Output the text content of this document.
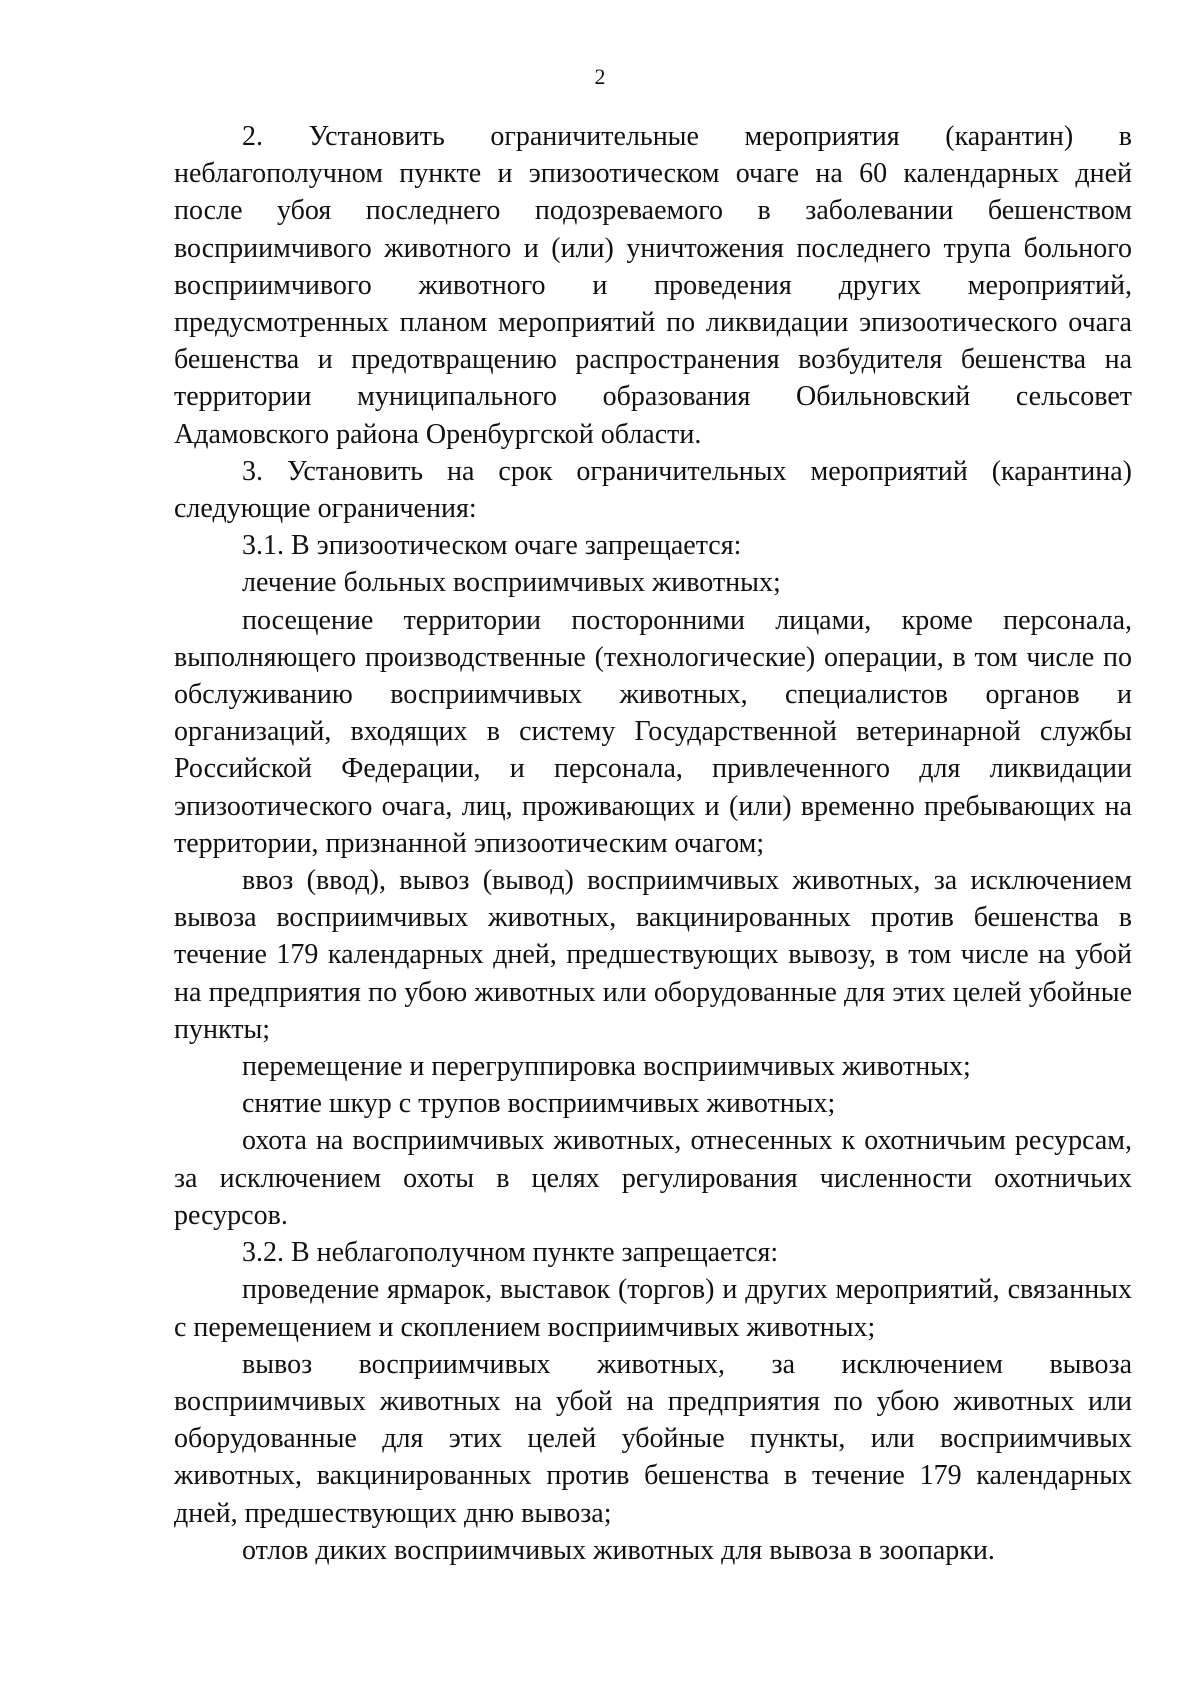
2

2. Установить ограничительные мероприятия (карантин) в неблагополучном пункте и эпизоотическом очаге на 60 календарных дней после убоя последнего подозреваемого в заболевании бешенством восприимчивого животного и (или) уничтожения последнего трупа больного восприимчивого животного и проведения других мероприятий, предусмотренных планом мероприятий по ликвидации эпизоотического очага бешенства и предотвращению распространения возбудителя бешенства на территории муниципального образования Обильновский сельсовет Адамовского района Оренбургской области.

3. Установить на срок ограничительных мероприятий (карантина) следующие ограничения:

3.1. В эпизоотическом очаге запрещается:

лечение больных восприимчивых животных;

посещение территории посторонними лицами, кроме персонала, выполняющего производственные (технологические) операции, в том числе по обслуживанию восприимчивых животных, специалистов органов и организаций, входящих в систему Государственной ветеринарной службы Российской Федерации, и персонала, привлеченного для ликвидации эпизоотического очага, лиц, проживающих и (или) временно пребывающих на территории, признанной эпизоотическим очагом;

ввоз (ввод), вывоз (вывод) восприимчивых животных, за исключением вывоза восприимчивых животных, вакцинированных против бешенства в течение 179 календарных дней, предшествующих вывозу, в том числе на убой на предприятия по убою животных или оборудованные для этих целей убойные пункты;

перемещение и перегруппировка восприимчивых животных;

снятие шкур с трупов восприимчивых животных;

охота на восприимчивых животных, отнесенных к охотничьим ресурсам, за исключением охоты в целях регулирования численности охотничьих ресурсов.

3.2. В неблагополучном пункте запрещается:

проведение ярмарок, выставок (торгов) и других мероприятий, связанных с перемещением и скоплением восприимчивых животных;

вывоз восприимчивых животных, за исключением вывоза восприимчивых животных на убой на предприятия по убою животных или оборудованные для этих целей убойные пункты, или восприимчивых животных, вакцинированных против бешенства в течение 179 календарных дней, предшествующих дню вывоза;

отлов диких восприимчивых животных для вывоза в зоопарки.
